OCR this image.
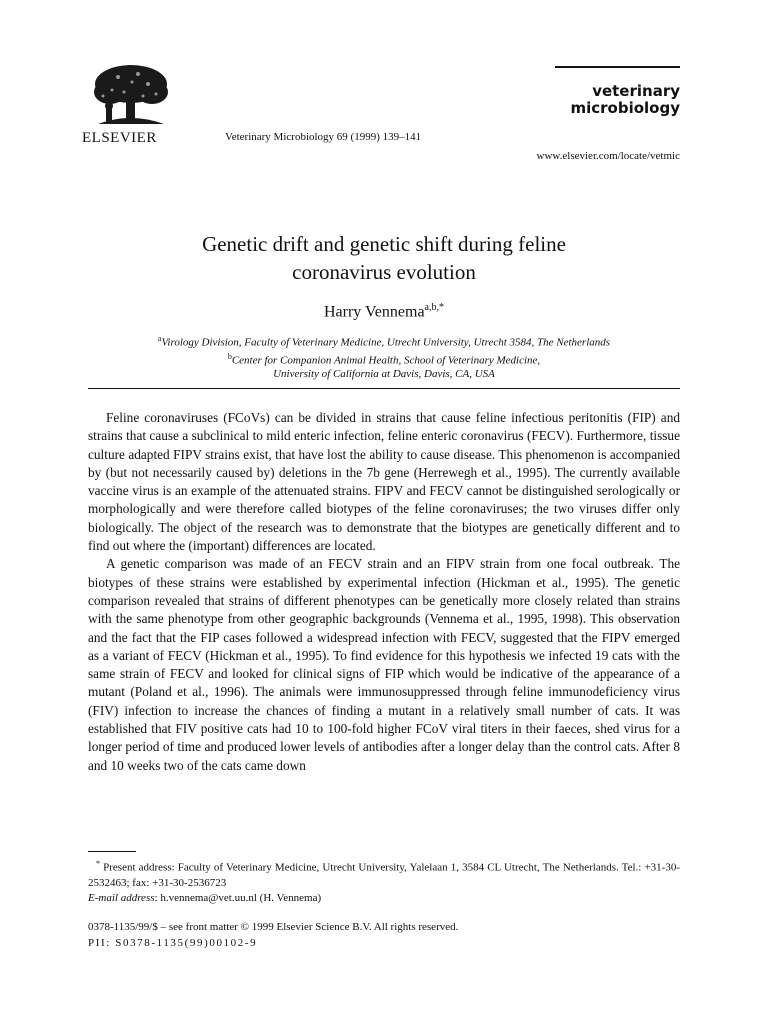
ELSEVIER	Veterinary Microbiology 69 (1999) 139–141
veterinary
microbiology
www.elsevier.com/locate/vetmic
Genetic drift and genetic shift during feline
coronavirus evolution
Harry Vennema$^{a,b,*}$
$^a$Virology Division, Faculty of Veterinary Medicine, Utrecht University, Utrecht 3584, The Netherlands
$^b$Center for Companion Animal Health, School of Veterinary Medicine,
University of California at Davis, Davis, CA, USA

Feline coronaviruses (FCoVs) can be divided in strains that cause feline infectious peritonitis (FIP) and strains that cause a subclinical to mild enteric infection, feline enteric coronavirus (FECV). Furthermore, tissue culture adapted FIPV strains exist, that have lost the ability to cause disease. This phenomenon is accompanied by (but not necessarily caused by) deletions in the 7b gene (Herrewegh et al., 1995). The currently available vaccine virus is an example of the attenuated strains. FIPV and FECV cannot be distinguished serologically or morphologically and were therefore called biotypes of the feline coronaviruses; the two viruses differ only biologically. The object of the research was to demonstrate that the biotypes are genetically different and to find out where the (important) differences are located.

A genetic comparison was made of an FECV strain and an FIPV strain from one focal outbreak. The biotypes of these strains were established by experimental infection (Hickman et al., 1995). The genetic comparison revealed that strains of different phenotypes can be genetically more closely related than strains with the same phenotype from other geographic backgrounds (Vennema et al., 1995, 1998). This observation and the fact that the FIP cases followed a widespread infection with FECV, suggested that the FIPV emerged as a variant of FECV (Hickman et al., 1995). To find evidence for this hypothesis we infected 19 cats with the same strain of FECV and looked for clinical signs of FIP which would be indicative of the appearance of a mutant (Poland et al., 1996). The animals were immunosuppressed through feline immunodeficiency virus (FIV) infection to increase the chances of finding a mutant in a relatively small number of cats. It was established that FIV positive cats had 10 to 100-fold higher FCoV viral titers in their faeces, shed virus for a longer period of time and produced lower levels of antibodies after a longer delay than the control cats. After 8 and 10 weeks two of the cats came down

* Present address: Faculty of Veterinary Medicine, Utrecht University, Yalelaan 1, 3584 CL Utrecht, The Netherlands. Tel.: +31-30-2532463; fax: +31-30-2536723

E-mail address: h.vennema@vet.uu.nl (H. Vennema)

0378-1135/99/$ – see front matter © 1999 Elsevier Science B.V. All rights reserved.

PII: S0378-1135(99)00102-9
